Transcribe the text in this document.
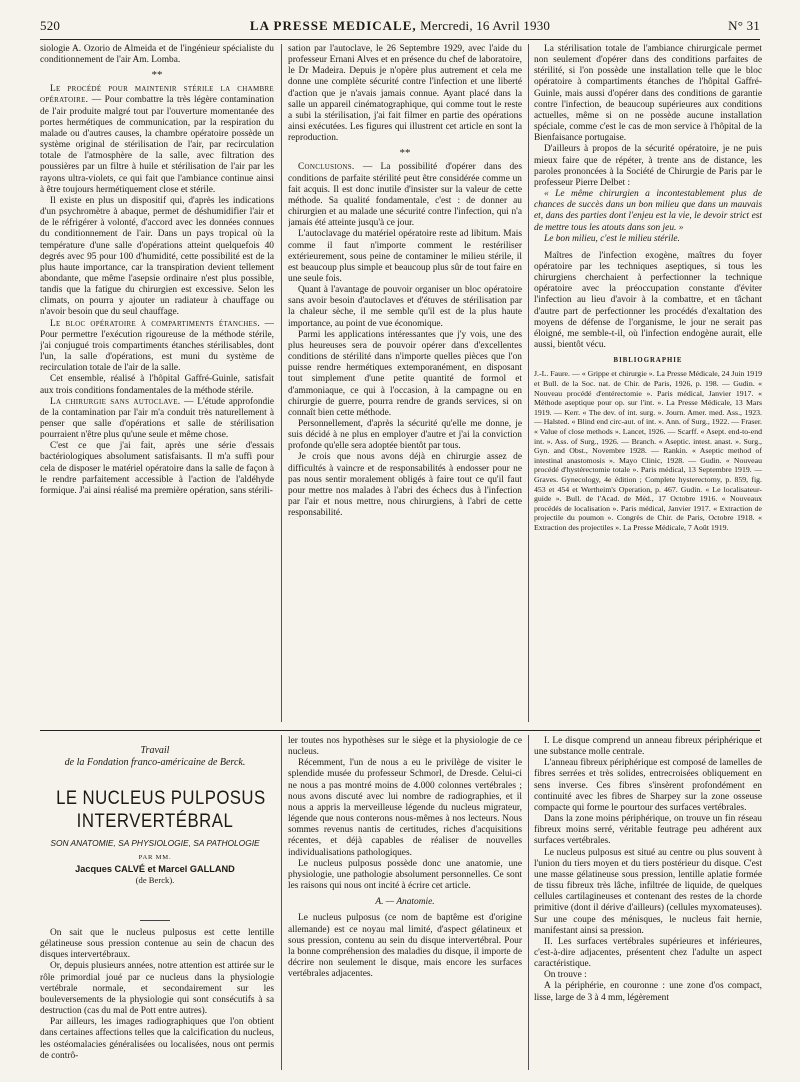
520	LA PRESSE MEDICALE, Mercredi, 16 Avril 1930	N° 31

siologie A. Ozorio de Almeida et de l'ingénieur spécialiste du conditionnement de l'air Am. Lomba.

**

Le procédé pour maintenir stérile la chambre opératoire. — Pour combattre la très légère contamination de l'air produite malgré tout par l'ouverture momentanée des portes hermétiques de communication, par la respiration du malade ou d'autres causes, la chambre opératoire possède un système original de stérilisation de l'air, par recirculation totale de l'atmosphère de la salle, avec filtration des poussières par un filtre à huile et stérilisation de l'air par les rayons ultra-violets, ce qui fait que l'ambiance continue ainsi à être toujours hermétiquement close et stérile.

Il existe en plus un dispositif qui, d'après les indications d'un psychromètre à abaque, permet de déshumidifier l'air et de le réfrigérer à volonté, d'accord avec les données connues du conditionnement de l'air. Dans un pays tropical où la température d'une salle d'opérations atteint quelquefois 40 degrés avec 95 pour 100 d'humidité, cette possibilité est de la plus haute importance, car la transpiration devient tellement abondante, que même l'asepsie ordinaire n'est plus possible, tandis que la fatigue du chirurgien est excessive. Selon les climats, on pourra y ajouter un radiateur à chauffage ou n'avoir besoin que du seul chauffage.

Le bloc opératoire à compartiments étanches. — Pour permettre l'exécution rigoureuse de la méthode stérile, j'ai conjugué trois compartiments étanches stérilisables, dont l'un, la salle d'opérations, est muni du système de recirculation totale de l'air de la salle.

Cet ensemble, réalisé à l'hôpital Gaffré-Guinle, satisfait aux trois conditions fondamentales de la méthode stérile.

La chirurgie sans autoclave. — L'étude approfondie de la contamination par l'air m'a conduit très naturellement à penser que salle d'opérations et salle de stérilisation pourraient n'être plus qu'une seule et même chose.

C'est ce que j'ai fait, après une série d'essais bactériologiques absolument satisfaisants. Il m'a suffi pour cela de disposer le matériel opératoire dans la salle de façon à le rendre parfaitement accessible à l'action de l'aldéhyde formique. J'ai ainsi réalisé ma première opération, sans stérili-

sation par l'autoclave, le 26 Septembre 1929, avec l'aide du professeur Ernani Alves et en présence du chef de laboratoire, le Dr Madeira. Depuis je n'opère plus autrement et cela me donne une complète sécurité contre l'infection et une liberté d'action que je n'avais jamais connue. Ayant placé dans la salle un appareil cinématographique, qui comme tout le reste a subi la stérilisation, j'ai fait filmer en partie des opérations ainsi exécutées. Les figures qui illustrent cet article en sont la reproduction.

**

Conclusions. — La possibilité d'opérer dans des conditions de parfaite stérilité peut être considérée comme un fait acquis. Il est donc inutile d'insister sur la valeur de cette méthode. Sa qualité fondamentale, c'est : de donner au chirurgien et au malade une sécurité contre l'infection, qui n'a jamais été atteinte jusqu'à ce jour.

L'autoclavage du matériel opératoire reste ad libitum. Mais comme il faut n'importe comment le restériliser extérieurement, sous peine de contaminer le milieu stérile, il est beaucoup plus simple et beaucoup plus sûr de tout faire en une seule fois.

Quant à l'avantage de pouvoir organiser un bloc opératoire sans avoir besoin d'autoclaves et d'étuves de stérilisation par la chaleur sèche, il me semble qu'il est de la plus haute importance, au point de vue économique.

Parmi les applications intéressantes que j'y vois, une des plus heureuses sera de pouvoir opérer dans d'excellentes conditions de stérilité dans n'importe quelles pièces que l'on puisse rendre hermétiques extemporanément, en disposant tout simplement d'une petite quantité de formol et d'ammoniaque, ce qui à l'occasion, à la campagne ou en chirurgie de guerre, pourra rendre de grands services, si on connaît bien cette méthode.

Personnellement, d'après la sécurité qu'elle me donne, je suis décidé à ne plus en employer d'autre et j'ai la conviction profonde qu'elle sera adoptée bientôt par tous.

Je crois que nous avons déjà en chirurgie assez de difficultés à vaincre et de responsabilités à endosser pour ne pas nous sentir moralement obligés à faire tout ce qu'il faut pour mettre nos malades à l'abri des échecs dus à l'infection par l'air et nous mettre, nous chirurgiens, à l'abri de cette responsabilité.

La stérilisation totale de l'ambiance chirurgicale permet non seulement d'opérer dans des conditions parfaites de stérilité, si l'on possède une installation telle que le bloc opératoire à compartiments étanches de l'hôpital Gaffré-Guinle, mais aussi d'opérer dans des conditions de garantie contre l'infection, de beaucoup supérieures aux conditions actuelles, même si on ne possède aucune installation spéciale, comme c'est le cas de mon service à l'hôpital de la Bienfaisance portugaise.

D'ailleurs à propos de la sécurité opératoire, je ne puis mieux faire que de répéter, à trente ans de distance, les paroles prononcées à la Société de Chirurgie de Paris par le professeur Pierre Delbet :

« Le même chirurgien a incontestablement plus de chances de succès dans un bon milieu que dans un mauvais et, dans des parties dont l'enjeu est la vie, le devoir strict est de mettre tous les atouts dans son jeu. »

Le bon milieu, c'est le milieu stérile.

Maîtres de l'infection exogène, maîtres du foyer opératoire par les techniques aseptiques, si tous les chirurgiens cherchaient à perfectionner la technique opératoire avec la préoccupation constante d'éviter l'infection au lieu d'avoir à la combattre, et en tâchant d'autre part de perfectionner les procédés d'exaltation des moyens de défense de l'organisme, le jour ne serait pas éloigné, me semble-t-il, où l'infection endogène aurait, elle aussi, bientôt vécu.

BIBLIOGRAPHIE

J.-L. Faure. — « Grippe et chirurgie ». La Presse Médicale, 24 Juin 1919 et Bull. de la Soc. nat. de Chir. de Paris, 1926, p. 198. — Gudin. « Nouveau procédé d'entérectomie ». Paris médical, Janvier 1917. « Méthode aseptique pour op. sur l'int. ». La Presse Médicale, 13 Mars 1919. — Kerr. « The dev. of int. surg. ». Journ. Amer. med. Ass., 1923. — Halsted. « Blind end circ-aut. of int. ». Ann. of Surg., 1922. — Fraser. « Value of close methods ». Lancet, 1926. — Scarff. « Asept. end-to-end int. ». Ass. of Surg., 1926. — Branch. « Aseptic. intest. anast. ». Surg., Gyn. and Obst., Novembre 1928. — Rankin. « Aseptic method of intestinal anastomosis ». Mayo Clinic, 1928. — Gudin. « Nouveau procédé d'hystérectomie totale ». Paris médical, 13 Septembre 1919. — Graves. Gynecology, 4e édition ; Complete hysterectomy, p. 859, fig. 453 et 454 et Wertheim's Operation, p. 467. Gudin. « Le localisateur-guide ». Bull. de l'Acad. de Méd., 17 Octobre 1916. « Nouveaux procédés de localisation ». Paris médical, Janvier 1917. « Extraction de projectile du poumon ». Congrès de Chir. de Paris, Octobre 1918. « Extraction des projectiles ». La Presse Médicale, 7 Août 1919.

Travail
de la Fondation franco-américaine de Berck.
LE NUCLEUS PULPOSUS
INTERVERTÉBRAL
SON ANATOMIE, SA PHYSIOLOGIE, SA PATHOLOGIE
PAR MM.
Jacques CALVÉ et Marcel GALLAND
(de Berck).

On sait que le nucleus pulposus est cette lentille gélatineuse sous pression contenue au sein de chacun des disques intervertébraux.

Or, depuis plusieurs années, notre attention est attirée sur le rôle primordial joué par ce nucleus dans la physiologie vertébrale normale, et secondairement sur les bouleversements de la physiologie qui sont consécutifs à sa destruction (cas du mal de Pott entre autres).

Par ailleurs, les images radiographiques que l'on obtient dans certaines affections telles que la calcification du nucleus, les ostéomalacies généralisées ou localisées, nous ont permis de contrô-

ler toutes nos hypothèses sur le siège et la physiologie de ce nucleus.

Récemment, l'un de nous a eu le privilège de visiter le splendide musée du professeur Schmorl, de Dresde. Celui-ci ne nous a pas montré moins de 4.000 colonnes vertébrales ; nous avons discuté avec lui nombre de radiographies, et il nous a appris la merveilleuse légende du nucleus migrateur, légende que nous conterons nous-mêmes à nos lecteurs. Nous sommes revenus nantis de certitudes, riches d'acquisitions récentes, et déjà capables de réaliser de nouvelles individualisations pathologiques.

Le nucleus pulposus possède donc une anatomie, une physiologie, une pathologie absolument personnelles. Ce sont les raisons qui nous ont incité à écrire cet article.

A. — Anatomie.

Le nucleus pulposus (ce nom de baptême est d'origine allemande) est ce noyau mal limité, d'aspect gélatineux et sous pression, contenu au sein du disque intervertébral. Pour la bonne compréhension des maladies du disque, il importe de décrire non seulement le disque, mais encore les surfaces vertébrales adjacentes.

I. Le disque comprend un anneau fibreux périphérique et une substance molle centrale.

L'anneau fibreux périphérique est composé de lamelles de fibres serrées et très solides, entrecroisées obliquement en sens inverse. Ces fibres s'insèrent profondément en continuité avec les fibres de Sharpey sur la zone osseuse compacte qui forme le pourtour des surfaces vertébrales.

Dans la zone moins périphérique, on trouve un fin réseau fibreux moins serré, véritable feutrage peu adhérent aux surfaces vertébrales.

Le nucleus pulposus est situé au centre ou plus souvent à l'union du tiers moyen et du tiers postérieur du disque. C'est une masse gélatineuse sous pression, lentille aplatie formée de tissu fibreux très lâche, infiltrée de liquide, de quelques cellules cartilagineuses et contenant des restes de la chorde primitive (dont il dérive d'ailleurs) (cellules myxomateuses). Sur une coupe des ménisques, le nucleus fait hernie, manifestant ainsi sa pression.

II. Les surfaces vertébrales supérieures et inférieures, c'est-à-dire adjacentes, présentent chez l'adulte un aspect caractéristique.

On trouve :

A la périphérie, en couronne : une zone d'os compact, lisse, large de 3 à 4 mm, légèrement
